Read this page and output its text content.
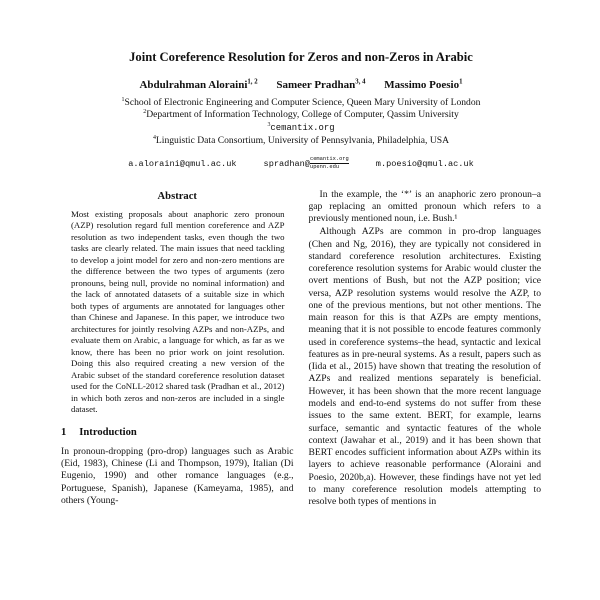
Joint Coreference Resolution for Zeros and non-Zeros in Arabic
Abdulrahman Aloraini$^{1, 2}$ Sameer Pradhan$^{3, 4}$ Massimo Poesio$^1$
$^1$School of Electronic Engineering and Computer Science, Queen Mary University of London
$^2$Department of Information Technology, College of Computer, Qassim University
$^3$cemantix.org
$^4$Linguistic Data Consortium, University of Pennsylvania, Philadelphia, USA
a.aloraini@qmul.ac.uk	spradhan@ cemantix.org
upenn.edu	m.poesio@qmul.ac.uk
Abstract

Most existing proposals about anaphoric zero pronoun (AZP) resolution regard full mention coreference and AZP resolution as two independent tasks, even though the two tasks are clearly related. The main issues that need tackling to develop a joint model for zero and non-zero mentions are the difference between the two types of arguments (zero pronouns, being null, provide no nominal information) and the lack of annotated datasets of a suitable size in which both types of arguments are annotated for languages other than Chinese and Japanese. In this paper, we introduce two architectures for jointly resolving AZPs and non-AZPs, and evaluate them on Arabic, a language for which, as far as we know, there has been no prior work on joint resolution. Doing this also required creating a new version of the Arabic subset of the standard coreference resolution dataset used for the CoNLL-2012 shared task (Pradhan et al., 2012) in which both zeros and non-zeros are included in a single dataset.

1 Introduction

In pronoun-dropping (pro-drop) languages such as Arabic (Eid, 1983), Chinese (Li and Thompson, 1979), Italian (Di Eugenio, 1990) and other romance languages (e.g., Portuguese, Spanish), Japanese (Kameyama, 1985), and others (Young-

In the example, the ‘*’ is an anaphoric zero pronoun–a gap replacing an omitted pronoun which refers to a previously mentioned noun, i.e. Bush.¹

Although AZPs are common in pro-drop languages (Chen and Ng, 2016), they are typically not considered in standard coreference resolution architectures. Existing coreference resolution systems for Arabic would cluster the overt mentions of Bush, but not the AZP position; vice versa, AZP resolution systems would resolve the AZP, to one of the previous mentions, but not other mentions. The main reason for this is that AZPs are empty mentions, meaning that it is not possible to encode features commonly used in coreference systems–the head, syntactic and lexical features as in pre-neural systems. As a result, papers such as (Iida et al., 2015) have shown that treating the resolution of AZPs and realized mentions separately is beneficial. However, it has been shown that the more recent language models and end-to-end systems do not suffer from these issues to the same extent. BERT, for example, learns surface, semantic and syntactic features of the whole context (Jawahar et al., 2019) and it has been shown that BERT encodes sufficient information about AZPs within its layers to achieve reasonable performance (Aloraini and Poesio, 2020b,a). However, these findings have not yet led to many coreference resolution models attempting to resolve both types of mentions in
